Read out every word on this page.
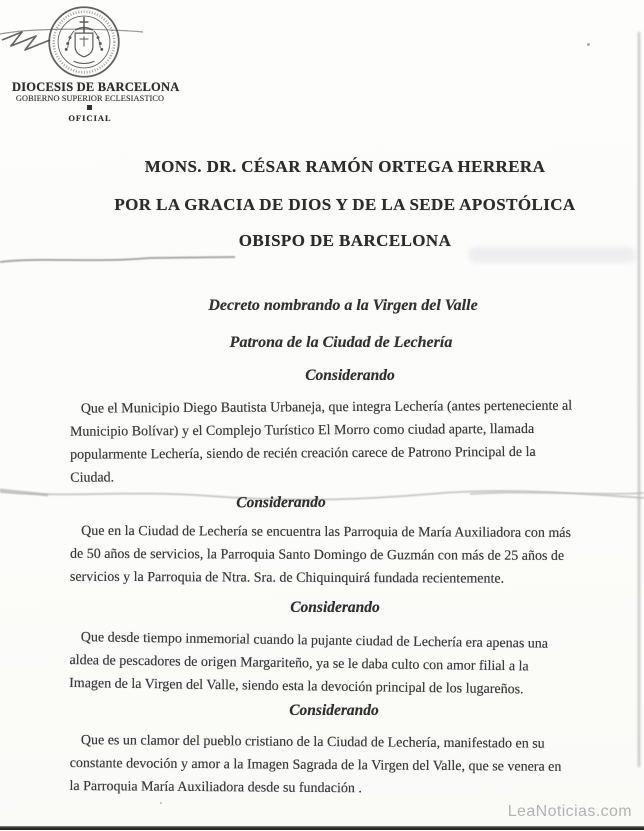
DIOCESIS DE BARCELONA
GOBIERNO SUPERIOR ECLESIASTICO
OFICIAL
MONS. DR. CÉSAR RAMÓN ORTEGA HERRERA
POR LA GRACIA DE DIOS Y DE LA SEDE APOSTÓLICA
OBISPO DE BARCELONA
Decreto nombrando a la Virgen del Valle
Patrona de la Ciudad de Lechería
Considerando
Que el Municipio Diego Bautista Urbaneja, que integra Lechería (antes perteneciente al
Municipio Bolívar) y el Complejo Turístico El Morro como ciudad aparte, llamada
popularmente Lechería, siendo de recién creación carece de Patrono Principal de la
Ciudad.
Considerando
Que en la Ciudad de Lechería se encuentra las Parroquia de María Auxiliadora con más
de 50 años de servicios, la Parroquia Santo Domingo de Guzmán con más de 25 años de
servicios y la Parroquia de Ntra. Sra. de Chiquinquirá fundada recientemente.
Considerando
Que desde tiempo inmemorial cuando la pujante ciudad de Lechería era apenas una
aldea de pescadores de origen Margariteño, ya se le daba culto con amor filial a la
Imagen de la Virgen del Valle, siendo esta la devoción principal de los lugareños.
Considerando
Que es un clamor del pueblo cristiano de la Ciudad de Lechería, manifestado en su
constante devoción y amor a la Imagen Sagrada de la Virgen del Valle, que se venera en
la Parroquia María Auxiliadora desde su fundación .
LeaNoticias.com
